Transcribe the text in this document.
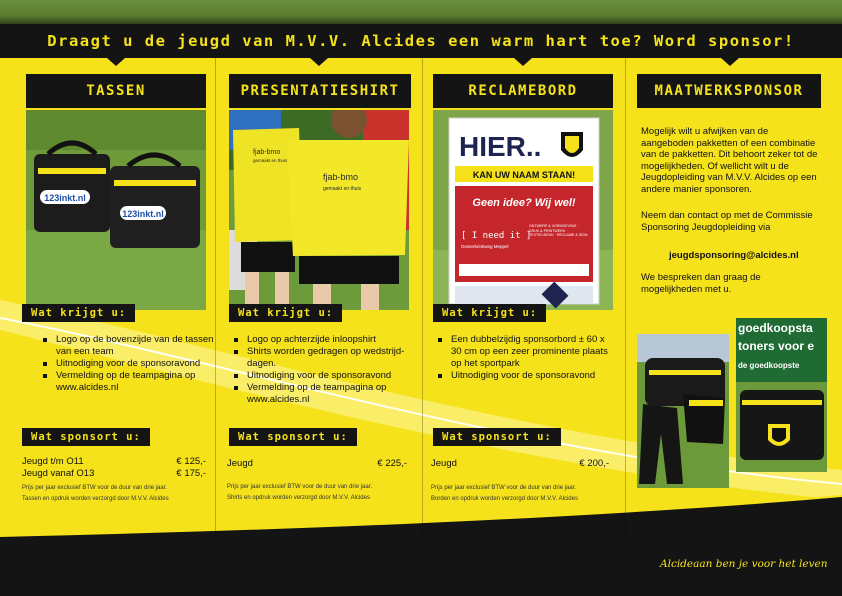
Draagt u de jeugd van M.V.V. Alcides een warm hart toe? Word sponsor!
TASSEN
123inkt.nl
123inkt.nl
Wat krijgt u:
Logo op de bovenzijde van de tassen van een team
Uitnodiging voor de sponsoravond
Vermelding op de teampagina op www.alcides.nl
Wat sponsort u:
Jeugd t/m O11	€ 125,-
Jeugd vanaf O13	€ 175,-
Prijs per jaar exclusief BTW voor de duur van drie jaar.
Tassen en opdruk worden verzorgd door M.V.V. Alcides
PRESENTATIESHIRT
fjab-bmo
gemaakt en thuis
fjab-bmo
gemaakt en thuis
Wat krijgt u:
Logo op achterzijde inloopshirt
Shirts worden gedragen op wedstrijd-dagen.
Uitnodiging voor de sponsoravond
Vermelding op de teampagina op www.alcides.nl
Wat sponsort u:
Jeugd	€ 225,-
Prijs per jaar exclusief BTW voor de duur van drie jaar.
Shirts en opdruk worden verzorgd door M.V.V. Alcides
RECLAMEBORD
HIER..
KAN UW NAAM STAAN!
Geen idee? Wij wel!
[ I need it ]
Oosterbrinkweg Meppel
ONTWERP & VORMGEVING · DRUK & PRINTWERK · TEXTIELDRUK · RECLAME & SIGN
Wat krijgt u:
Een dubbelzijdig sponsorbord ± 60 x 30 cm op een zeer prominente plaats op het sportpark
Uitnodiging voor de sponsoravond
Wat sponsort u:
Jeugd	€ 200,-
Prijs per jaar exclusief BTW voor de duur van drie jaar.
Borden en opdruk worden verzorgd door M.V.V. Alcides
MAATWERKSPONSOR
Mogelijk wilt u afwijken van de aangeboden pakketten of een combinatie van de pakketten. Dit behoort zeker tot de mogelijkheden. Of wellicht wilt u de Jeugdopleiding van M.V.V. Alcides op een andere manier sponsoren.
Neem dan contact op met de Commissie Sponsoring Jeugdopleiding via
jeugdsponsoring@alcides.nl
We bespreken dan graag de mogelijkheden met u.
goedkoopsta
toners voor e
de goedkoopste
Alcideaan ben je voor het leven
